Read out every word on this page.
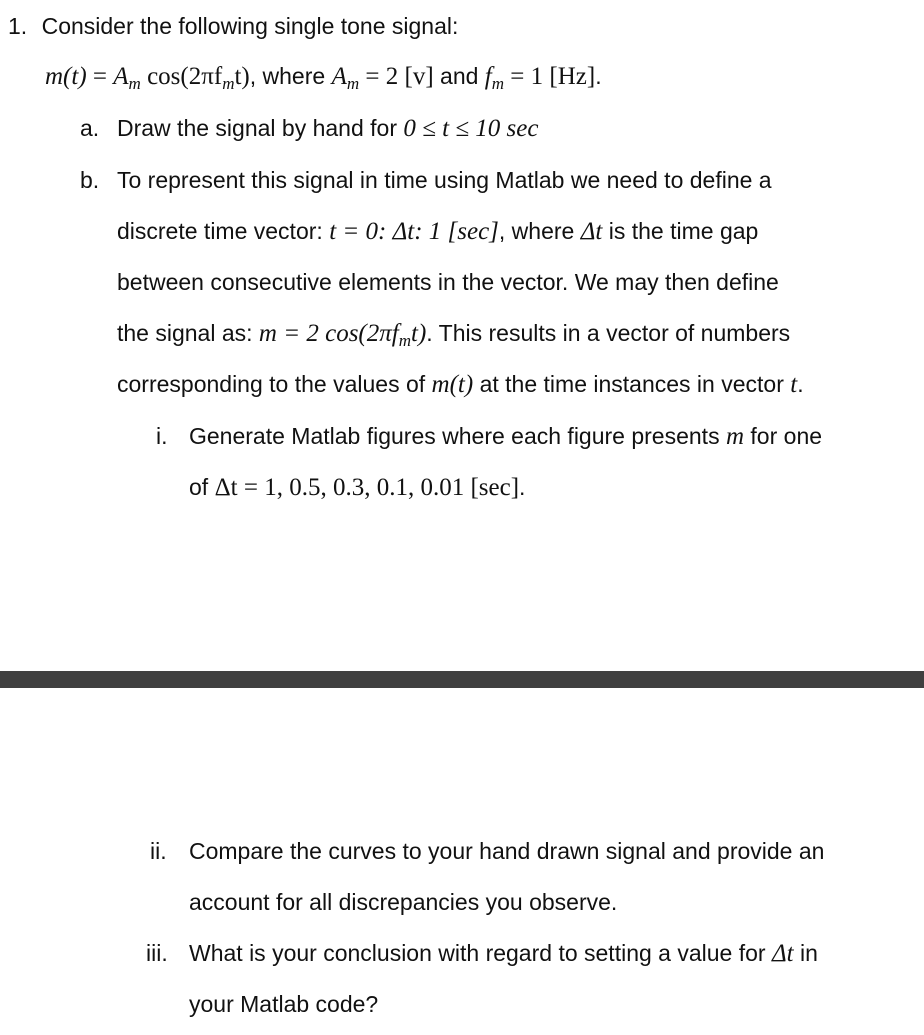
1. Consider the following single tone signal:
$m(t) = A_m$ $\cos(2\pi f_mt)$, where $A_m = 2$ [v] and $f_m = 1$ [Hz].
a. Draw the signal by hand for 0 ≤ t ≤ 10 sec
b. To represent this signal in time using Matlab we need to define a
discrete time vector: t = 0: Δt: 1 [sec], where Δt is the time gap
between consecutive elements in the vector. We may then define
the signal as: m = 2 $\cos(2\pi f_mt)$. This results in a vector of numbers
corresponding to the values of m(t) at the time instances in vector t.
i. Generate Matlab figures where each figure presents m for one
of Δt = 1, 0.5, 0.3, 0.1, 0.01 [sec].
ii. Compare the curves to your hand drawn signal and provide an
account for all discrepancies you observe.
iii. What is your conclusion with regard to setting a value for Δt in
your Matlab code?
